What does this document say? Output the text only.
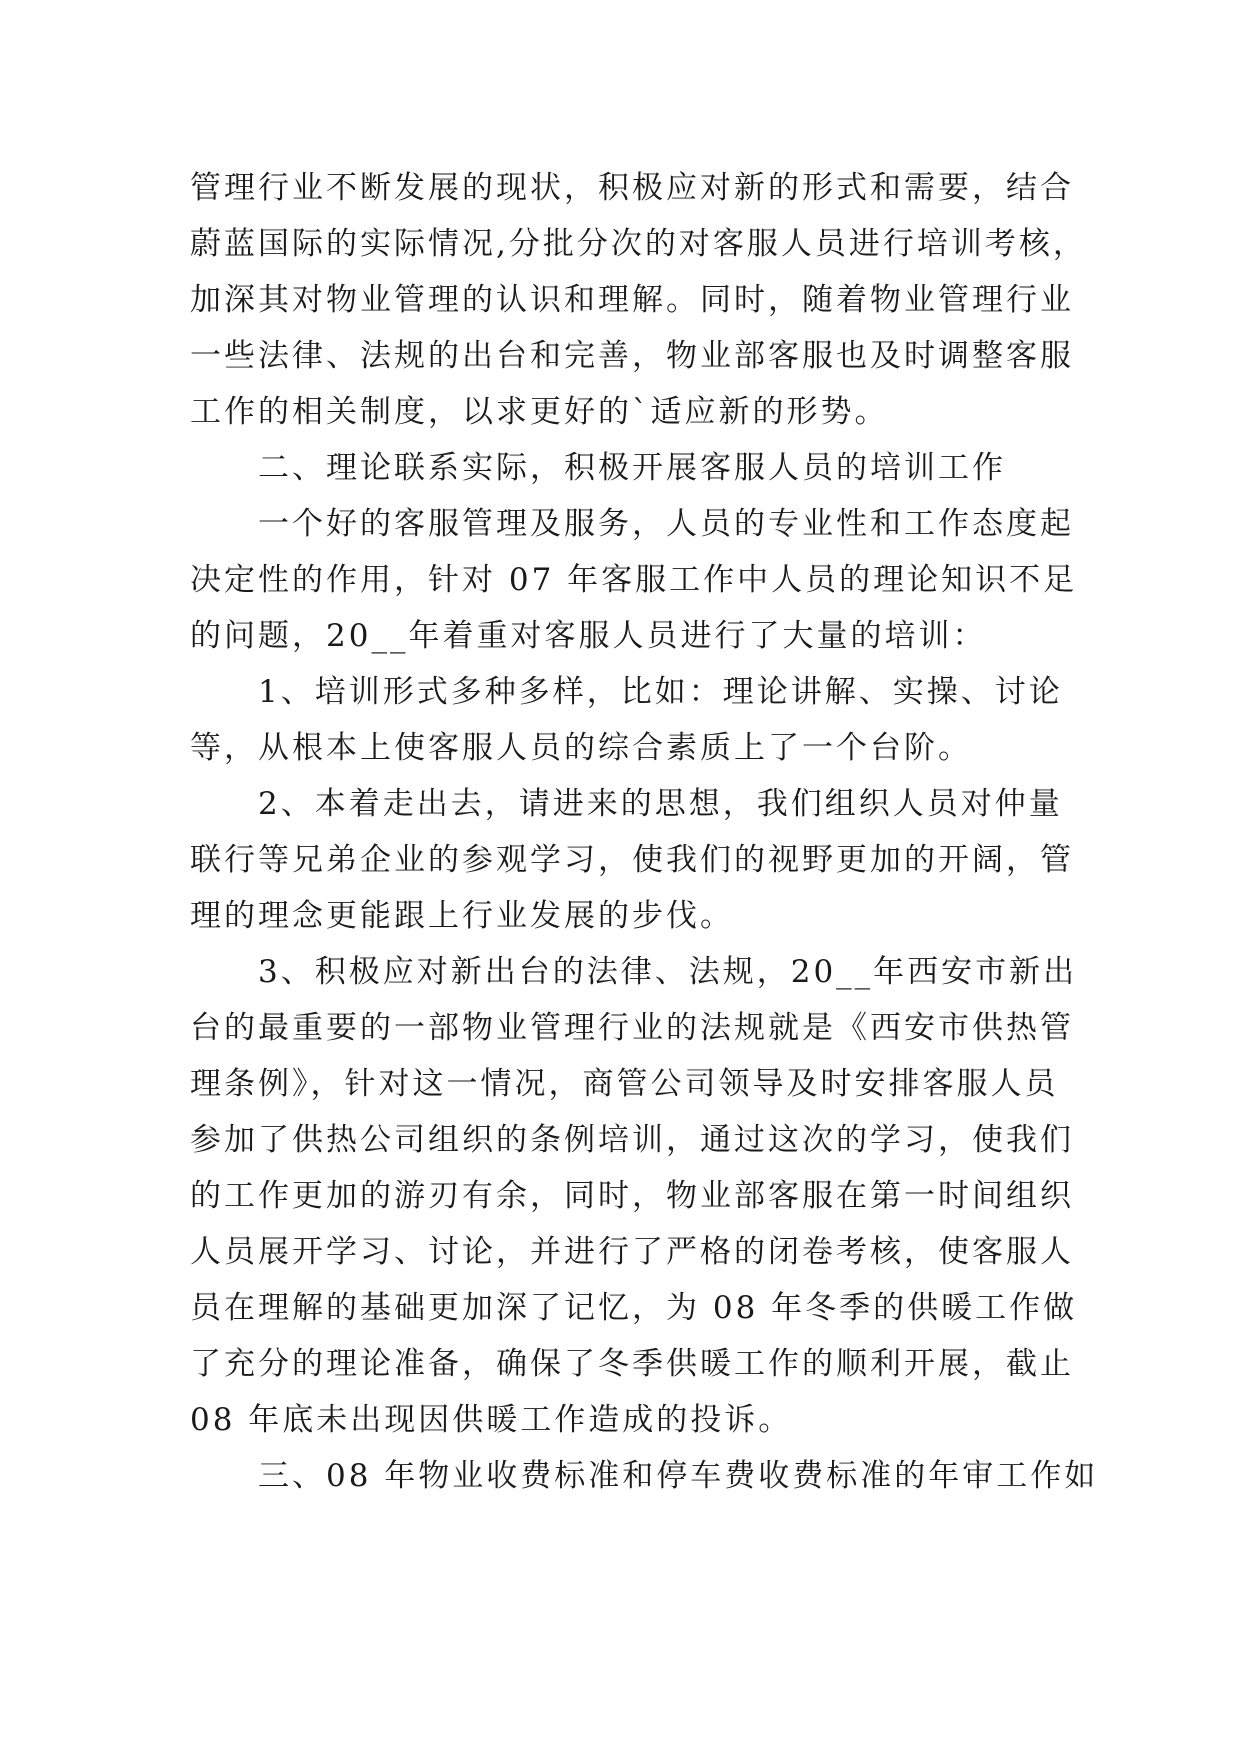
管理行业不断发展的现状，积极应对新的形式和需要，结合
蔚蓝国际的实际情况,分批分次的对客服人员进行培训考核，
加深其对物业管理的认识和理解。同时，随着物业管理行业
一些法律、法规的出台和完善，物业部客服也及时调整客服
工作的相关制度，以求更好的`适应新的形势。
二、理论联系实际，积极开展客服人员的培训工作
一个好的客服管理及服务，人员的专业性和工作态度起
决定性的作用，针对 07 年客服工作中人员的理论知识不足
的问题，20__年着重对客服人员进行了大量的培训：
1、培训形式多种多样，比如：理论讲解、实操、讨论
等，从根本上使客服人员的综合素质上了一个台阶。
2、本着走出去，请进来的思想，我们组织人员对仲量
联行等兄弟企业的参观学习，使我们的视野更加的开阔，管
理的理念更能跟上行业发展的步伐。
3、积极应对新出台的法律、法规，20__年西安市新出
台的最重要的一部物业管理行业的法规就是《西安市供热管
理条例》，针对这一情况，商管公司领导及时安排客服人员
参加了供热公司组织的条例培训，通过这次的学习，使我们
的工作更加的游刃有余，同时，物业部客服在第一时间组织
人员展开学习、讨论，并进行了严格的闭卷考核，使客服人
员在理解的基础更加深了记忆，为 08 年冬季的供暖工作做
了充分的理论准备，确保了冬季供暖工作的顺利开展，截止
08 年底未出现因供暖工作造成的投诉。
三、08 年物业收费标准和停车费收费标准的年审工作如
